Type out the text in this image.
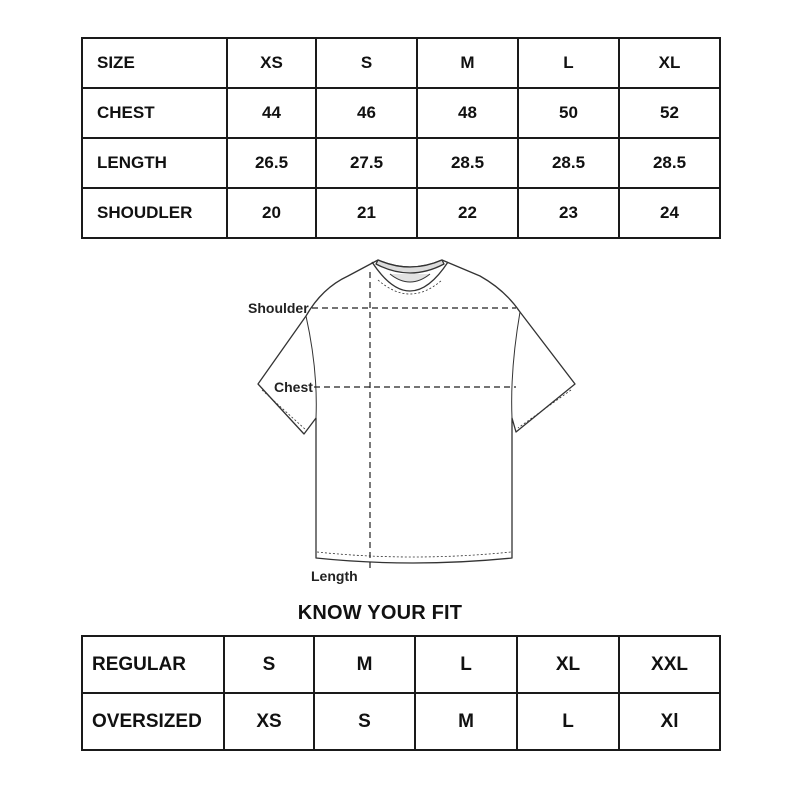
SIZE	XS	S	M	L	XL
CHEST	44	46	48	50	52
LENGTH	26.5	27.5	28.5	28.5	28.5
SHOUDLER	20	21	22	23	24
Shoulder
Chest
Length
KNOW YOUR FIT
REGULAR	S	M	L	XL	XXL
OVERSIZED	XS	S	M	L	Xl
